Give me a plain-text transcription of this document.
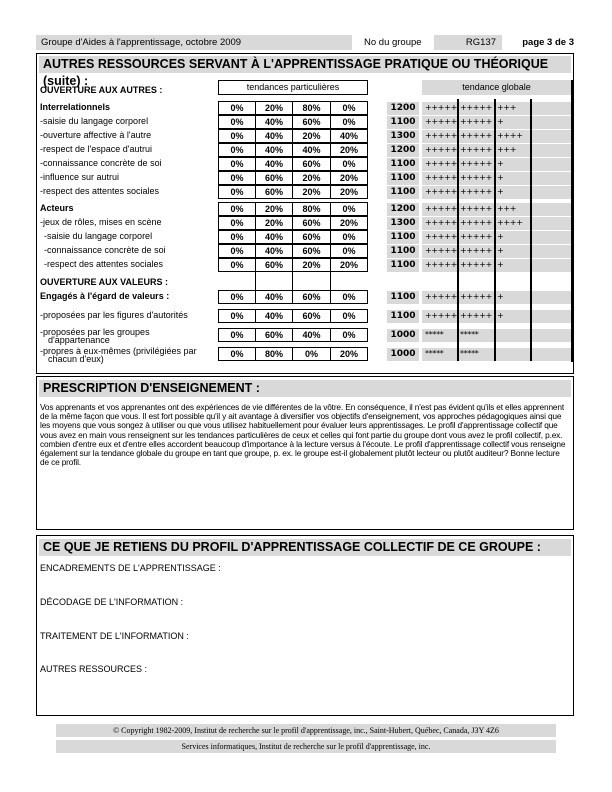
Groupe d'Aides à l'apprentissage, octobre 2009	No du groupe	RG137	page 3 de 3
AUTRES RESSOURCES SERVANT À L'APPRENTISSAGE PRATIQUE OU THÉORIQUE (suite) :	tendances particulières	tendance globale
OUVERTURE AUX AUTRES :
Interrelationnels	0%	20%	80%	0%	1200	+++++ +++++ +++
-saisie du langage corporel	0%	40%	60%	0%	1100	+++++ +++++ +
-ouverture affective à l'autre	0%	40%	20%	40%	1300	+++++ +++++ ++++
-respect de l'espace d'autrui	0%	40%	40%	20%	1200	+++++ +++++ +++
-connaissance concrète de soi	0%	40%	60%	0%	1100	+++++ +++++ +
-influence sur autrui	0%	60%	20%	20%	1100	+++++ +++++ +
-respect des attentes sociales	0%	60%	20%	20%	1100	+++++ +++++ +
Acteurs	0%	20%	80%	0%	1200	+++++ +++++ +++
-jeux de rôles, mises en scène	0%	20%	60%	20%	1300	+++++ +++++ ++++
-saisie du langage corporel	0%	40%	60%	0%	1100	+++++ +++++ +
-connaissance concrète de soi	0%	40%	60%	0%	1100	+++++ +++++ +
-respect des attentes sociales	0%	60%	20%	20%	1100	+++++ +++++ +
OUVERTURE AUX VALEURS :
Engagés à l'égard de valeurs :	0%	40%	60%	0%	1100	+++++ +++++ +
-proposées par les figures d'autorités	0%	40%	60%	0%	1100	+++++ +++++ +
-proposées par les groupes
d'appartenance	0%	60%	40%	0%	1000	*****	*****
-propres à eux-mêmes (privilégiées par
chacun d'eux)	0%	80%	0%	20%	1000	*****	*****
PRESCRIPTION D'ENSEIGNEMENT :
Vos apprenants et vos apprenantes ont des expériences de vie différentes de la vôtre. En conséquence, il n'est pas évident qu'ils et elles apprennent de la même façon que vous. Il est fort possible qu'il y ait avantage à diversifier vos objectifs d'enseignement, vos approches pédagogiques ainsi que les moyens que vous songez à utiliser ou que vous utilisez habituellement pour évaluer leurs apprentissages. Le profil d'apprentissage collectif que vous avez en main vous renseignent sur les tendances particulières de ceux et celles qui font partie du groupe dont vous avez le profil collectif, p.ex. combien d'entre eux et d'entre elles accordent beaucoup d'importance à la lecture versus à l'écoute. Le profil d'apprentissage collectif vous renseigne également sur la tendance globale du groupe en tant que groupe, p. ex. le groupe est-il globalement plutôt lecteur ou plutôt auditeur? Bonne lecture de ce profil.
CE QUE JE RETIENS DU PROFIL D'APPRENTISSAGE COLLECTIF DE CE GROUPE :
ENCADREMENTS DE L'APPRENTISSAGE :
DÉCODAGE DE L'INFORMATION :
TRAITEMENT DE L'INFORMATION :
AUTRES RESSOURCES :
© Copyright 1982-2009, Institut de recherche sur le profil d'apprentissage, inc., Saint-Hubert, Québec, Canada, J3Y 4Z6
Services informatiques, Institut de recherche sur le profil d'apprentissage, inc.
